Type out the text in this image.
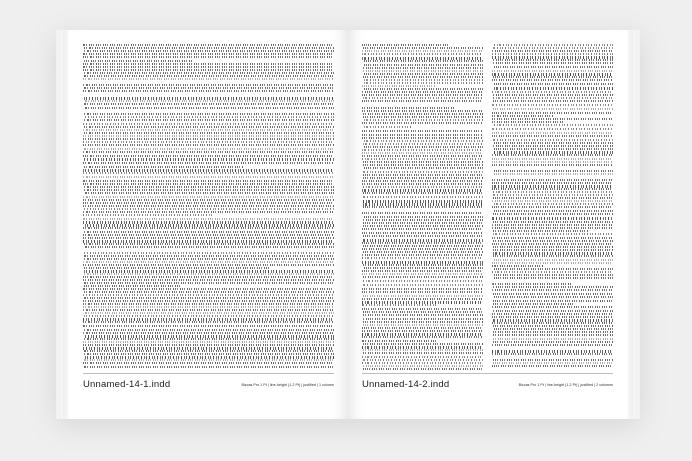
Unnamed-14-1.indd	Bizcas Pro 1 Pt | line-height (1,2 Pt) | justified | 1 column	Unnamed-14-2.indd	Bizcas Pro 1 Pt | line-height (1,2 Pt) | justified | 2 columns
